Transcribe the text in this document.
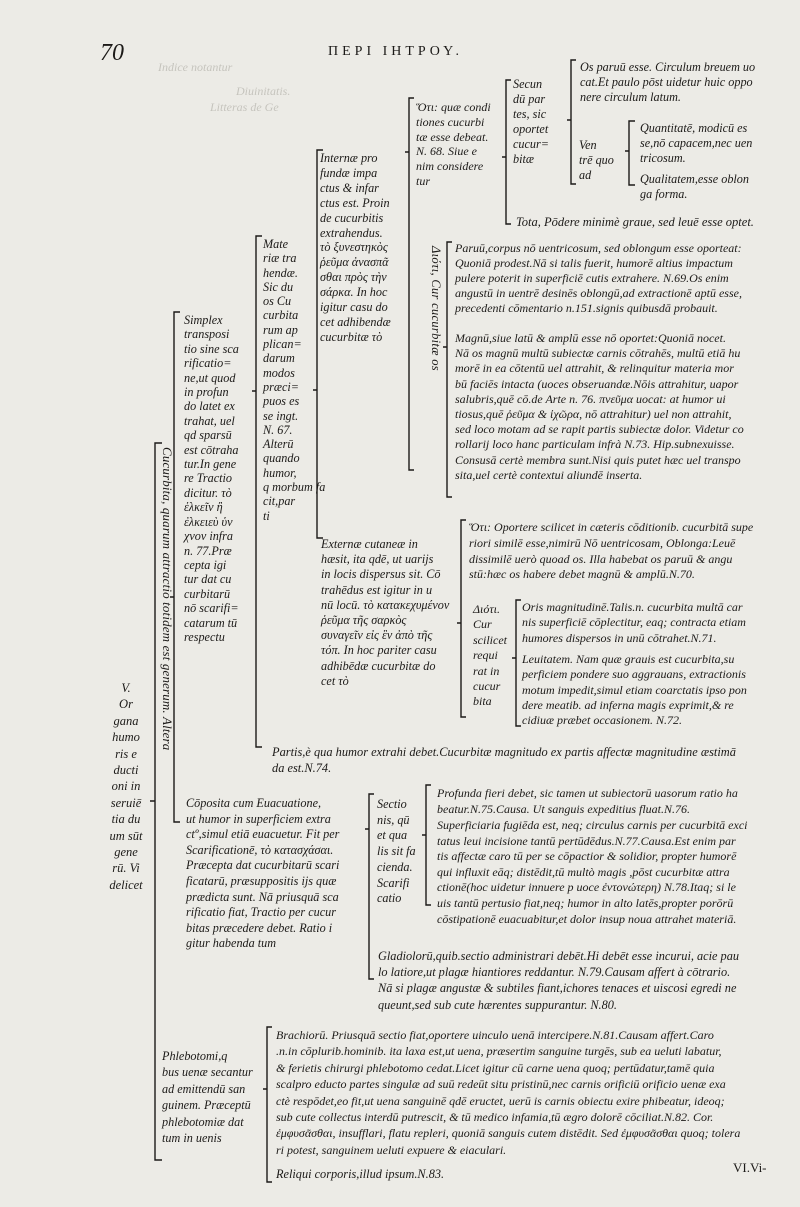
Indice notantur

Diuinitatis.

Litteras de Ge

70	ΠΕΡΙ ΙΗΤΡΟΥ.

V.
Or
gana
humo
ris e
ducti
oni in
seruiē
tia du
um sūt
gene
rū. Vi
delicet

Cucurbita, quarum attractio totidem est generum. Altera

Simplex
transposi
tio sine sca
rificatio=
ne,ut quod
in profun
do latet ex
trahat, uel
qd sparsū
est cōtraha
tur.In gene
re Tractio
dicitur. τὸ
ἑλκεῖν ἢ
ἐλκειεὺ ὑν
χνον infra
n. 77.Præ
cepta igi
tur dat cu
curbitarū
nō scarifi=
catarum tū
respectu

Mate
riæ tra
hendæ.
Sic du
os Cu
curbita
rum ap
plican=
darum
modos
præci=
puos es
se ingt.
N. 67.
Alterū
quando
humor,
q morbum fa
cit,par
ti

Internæ pro
fundæ impa
ctus & infar
ctus est. Proin
de cucurbitis
extrahendus.
τὸ ξυνεστηκὸς
ῥεῦμα ἀνασπᾶ
σθαι πρὸς τὴν
σάρκα. In hoc
igitur casu do
cet adhibendæ
cucurbitæ τὸ	Διότι, Cur cucurbitæ os

Ὅτι: quæ condi
tiones cucurbi
tæ esse debeat.
N. 68. Siue e
nim considere
tur

Secun
dū par
tes, sic
oportet
cucur=
bitæ

Os paruū esse. Circulum breuem uo
cat.Et paulo pōst uidetur huic oppo
nere circulum latum.

Ven
trē quo
ad

Quantitatē, modicū es
se,nō capacem,nec uen
tricosum.

Qualitatem,esse oblon
ga forma.

Tota, Pōdere minimè graue, sed leuē esse optet.

Paruū,corpus nō uentricosum, sed oblongum esse oporteat:
Quoniā prodest.Nā si talis fuerit, humorē altius impactum
pulere poterit in superficiē cutis extrahere. N.69.Os enim
angustū in uentrē desinēs oblongū,ad extractionē aptū esse,
precedenti cōmentario n.151.signis quibusdā probauit.

Magnū,siue latū & amplū esse nō oportet:Quoniā nocet.
Nā os magnū multū subiectæ carnis cōtrahēs, multū etiā hu
morē in ea cōtentū uel attrahit, & relinquitur materia mor
bū faciēs intacta (uoces obseruandæ.Nōis attrahitur, uapor
salubris,quē cō.de Arte n. 76. πνεῦμα uocat: at humor ui
tiosus,quē ῥεῦμα & ἰχῶρα, nō attrahitur) uel non attrahit,
sed loco motam ad se rapit partis subiectæ dolor. Videtur co
rollarij loco hanc particulam infrà N.73. Hip.subnexuisse.
Consusā certè membra sunt.Nisi quis putet hæc uel transpo
sita,uel certè contextui aliundē inserta.

Externæ cutaneæ in
hæsit, ita qdē, ut uarijs
in locis dispersus sit. Cō
trahēdus est igitur in u
nū locū. τὸ κατακεχυμένον
ῥεῦμα τῆς σαρκὸς
συναγεῖν εἰς ἓν ἀπὸ τῆς
τόπ. In hoc pariter casu
adhibēdæ cucurbitæ do
cet τὸ

Ὅτι: Oportere scilicet in cæteris cōditionib. cucurbitā supe
riori similē esse,nimirū Nō uentricosam, Oblonga:Leuē
dissimilē uerò quoad os. Illa habebat os paruū & angu
stū:hæc os habere debet magnū & amplū.N.70.

Διότι.
Cur
scilicet
requi
rat in
cucur
bita

Oris magnitudinē.Talis.n. cucurbita multā car
nis superficiē cōplectitur, eaq; contracta etiam
humores dispersos in unū cōtrahet.N.71.

Leuitatem. Nam quæ grauis est cucurbita,su
perficiem pondere suo aggrauans, extractionis
motum impedit,simul etiam coarctatis ipso pon
dere meatib. ad inferna magis exprimit,& re
cidiuæ præbet occasionem. N.72.

Partis,è qua humor extrahi debet.Cucurbitæ magnitudo ex partis affectæ magnitudine æstimā
da est.N.74.

Cōposita cum Euacuatione,
ut humor in superficiem extra
ctº,simul etiā euacuetur. Fit per
Scarificationē, τὸ κατασχάσαι.
Præcepta dat cucurbitarū scari
ficatarū, præsuppositis ijs quæ
prædicta sunt. Nā priusquā sca
rificatio fiat, Tractio per cucur
bitas præcedere debet. Ratio i
gitur habenda tum

Sectio
nis, qū
et qua
lis sit fa
cienda.
Scarifi
catio

Profunda fieri debet, sic tamen ut subiectorū uasorum ratio ha
beatur.N.75.Causa. Ut sanguis expeditius fluat.N.76.

Superficiaria fugiēda est, neq; circulus carnis per cucurbitā exci
tatus leui incisione tantū pertūdēdus.N.77.Causa.Est enim par
tis affectæ caro tū per se cōpactior & solidior, propter humorē
qui influxit eāq; distēdit,tū multò magis ,pōst cucurbitæ attra
ctionē(hoc uidetur innuere p uoce ἐντονώτερη) N.78.Itaq; si le
uis tantū pertusio fiat,neq; humor in alto latēs,propter porōrū
cōstipationē euacuabitur,et dolor insup noua attrahet materiā.

Gladiolorū,quib.sectio administrari debēt.Hi debēt esse incurui, acie pau
lo latiore,ut plagæ hiantiores reddantur. N.79.Causam affert à cōtrario.
Nā si plagæ angustæ & subtiles fiant,ichores tenaces et uiscosi egredi ne
queunt,sed sub cute hærentes suppurantur. N.80.

Phlebotomi,q
bus uenæ secantur
ad emittendū san
guinem. Præceptū
phlebotomiæ dat
tum in uenis

Brachiorū. Priusquā sectio fiat,oportere uinculo uenā intercipere.N.81.Causam affert.Caro
.n.in cōplurib.hominib. ita laxa est,ut uena, præsertim sanguine turgēs, sub ea ueluti labatur,
& ferietis chirurgi phlebotomo cedat.Licet igitur cū carne uena quoq; pertūdatur,tamē quia
scalpro educto partes singulæ ad suū redeūt situ pristinū,nec carnis orificiū orificio uenæ exa
ctè respōdet,eo fit,ut uena sanguinē qdē eructet, uerū is carnis obiectu exire phibeatur, ideoq;
sub cute collectus interdū putrescit, & tū medico infamia,tū ægro dolorē cōciliat.N.82. Cor.
ἐμφυσᾶσθαι, insufflari, flatu repleri, quoniā sanguis cutem distēdit. Sed ἐμφυσᾶσθαι quoq; tolera
ri potest, sanguinem ueluti expuere & eiaculari.

Reliqui corporis,illud ipsum.N.83.	VI.Vi-
